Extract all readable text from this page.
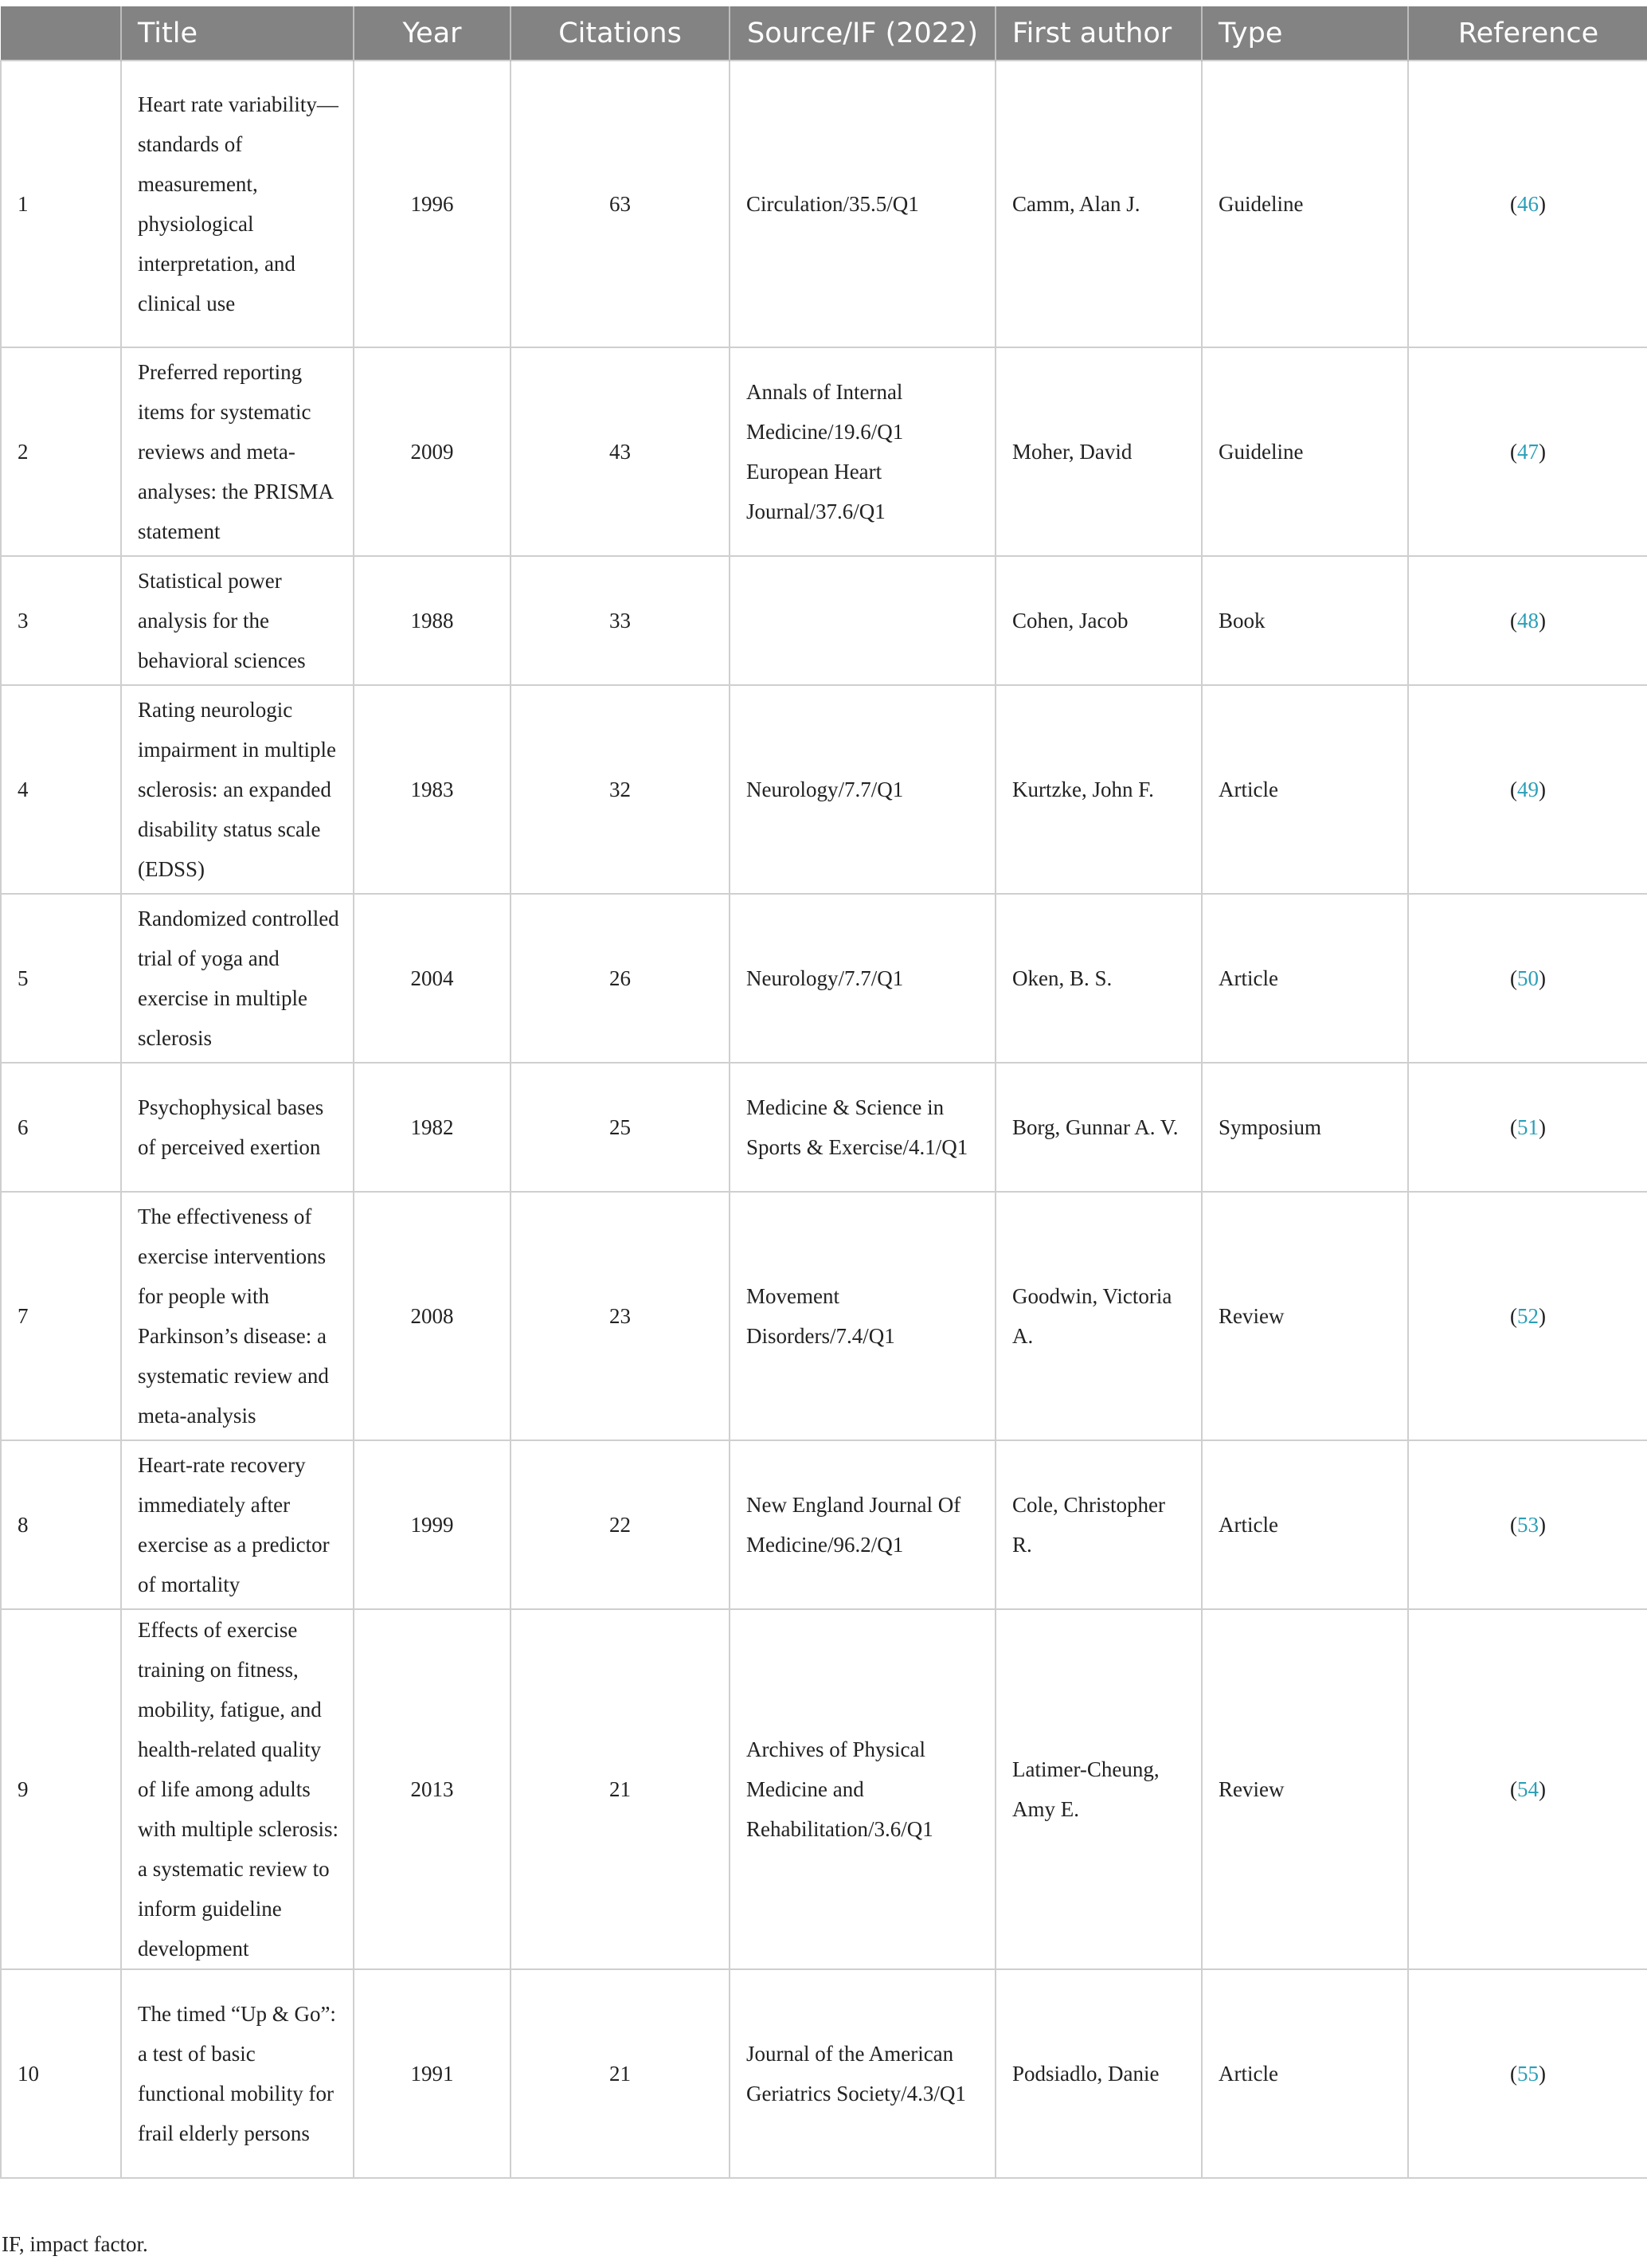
	Title	Year	Citations	Source/IF (2022)	First author	Type	Reference
1	Heart rate variability—standards of measurement, physiological interpretation, and clinical use	1996	63	Circulation/35.5/Q1	Camm, Alan J.	Guideline	(46)
2	Preferred reporting items for systematic reviews and meta-analyses: the PRISMA statement	2009	43	Annals of Internal Medicine/19.6/Q1 European Heart Journal/37.6/Q1	Moher, David	Guideline	(47)
3	Statistical power analysis for the behavioral sciences	1988	33		Cohen, Jacob	Book	(48)
4	Rating neurologic impairment in multiple sclerosis: an expanded disability status scale (EDSS)	1983	32	Neurology/7.7/Q1	Kurtzke, John F.	Article	(49)
5	Randomized controlled trial of yoga and exercise in multiple sclerosis	2004	26	Neurology/7.7/Q1	Oken, B. S.	Article	(50)
6	Psychophysical bases of perceived exertion	1982	25	Medicine & Science in Sports & Exercise/4.1/Q1	Borg, Gunnar A. V.	Symposium	(51)
7	The effectiveness of exercise interventions for people with Parkinson’s disease: a systematic review and meta-analysis	2008	23	Movement Disorders/7.4/Q1	Goodwin, Victoria A.	Review	(52)
8	Heart-rate recovery immediately after exercise as a predictor of mortality	1999	22	New England Journal Of Medicine/96.2/Q1	Cole, Christopher R.	Article	(53)
9	Effects of exercise training on fitness, mobility, fatigue, and health-related quality of life among adults with multiple sclerosis: a systematic review to inform guideline development	2013	21	Archives of Physical Medicine and Rehabilitation/3.6/Q1	Latimer-Cheung, Amy E.	Review	(54)
10	The timed “Up & Go”: a test of basic functional mobility for frail elderly persons	1991	21	Journal of the American Geriatrics Society/4.3/Q1	Podsiadlo, Danie	Article	(55)

IF, impact factor.
